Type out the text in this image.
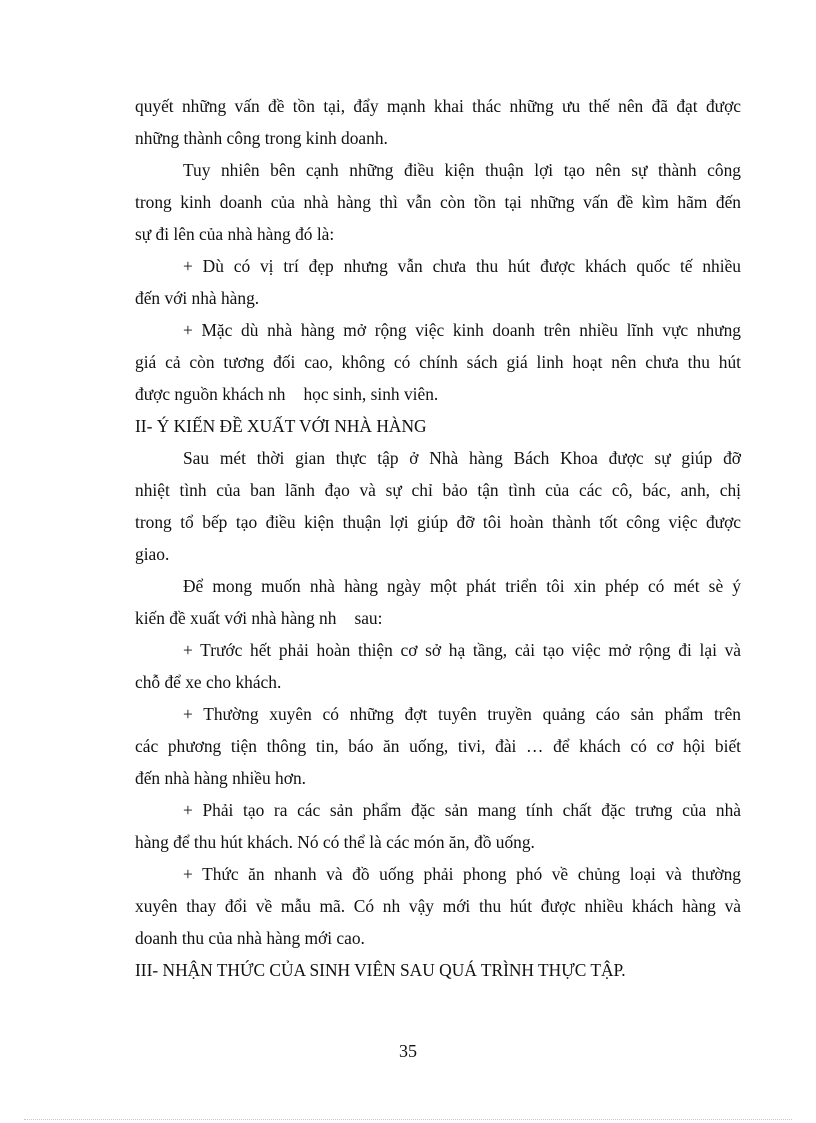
quyết những vấn đề tồn tại, đẩy mạnh khai thác những ưu thế nên đã đạt được
những thành công trong kinh doanh.
Tuy nhiên bên cạnh những điều kiện thuận lợi tạo nên sự thành công
trong kinh doanh của nhà hàng thì vẫn còn tồn tại những vấn đề kìm hãm đến
sự đi lên của nhà hàng đó là:
+ Dù có vị trí đẹp nhưng vẫn chưa thu hút được khách quốc tế nhiều
đến với nhà hàng.
+ Mặc dù nhà hàng mở rộng việc kinh doanh trên nhiều lĩnh vực nhưng
giá cả còn tương đối cao, không có chính sách giá linh hoạt nên chưa thu hút
được nguồn khách nh học sinh, sinh viên.
II- Ý KIẾN ĐỀ XUẤT VỚI NHÀ HÀNG
Sau mét thời gian thực tập ở Nhà hàng Bách Khoa được sự giúp đỡ
nhiệt tình của ban lãnh đạo và sự chỉ bảo tận tình của các cô, bác, anh, chị
trong tổ bếp tạo điều kiện thuận lợi giúp đỡ tôi hoàn thành tốt công việc được
giao.
Để mong muốn nhà hàng ngày một phát triển tôi xin phép có mét sè ý
kiến đề xuất với nhà hàng nh sau:
+ Trước hết phải hoàn thiện cơ sở hạ tầng, cải tạo việc mở rộng đi lại và
chỗ để xe cho khách.
+ Thường xuyên có những đợt tuyên truyền quảng cáo sản phẩm trên
các phương tiện thông tin, báo ăn uống, tivi, đài … để khách có cơ hội biết
đến nhà hàng nhiều hơn.
+ Phải tạo ra các sản phẩm đặc sản mang tính chất đặc trưng của nhà
hàng để thu hút khách. Nó có thể là các món ăn, đồ uống.
+ Thức ăn nhanh và đồ uống phải phong phó về chủng loại và thường
xuyên thay đổi về mẫu mã. Có nh vậy mới thu hút được nhiều khách hàng và
doanh thu của nhà hàng mới cao.
III- NHẬN THỨC CỦA SINH VIÊN SAU QUÁ TRÌNH THỰC TẬP.
35
